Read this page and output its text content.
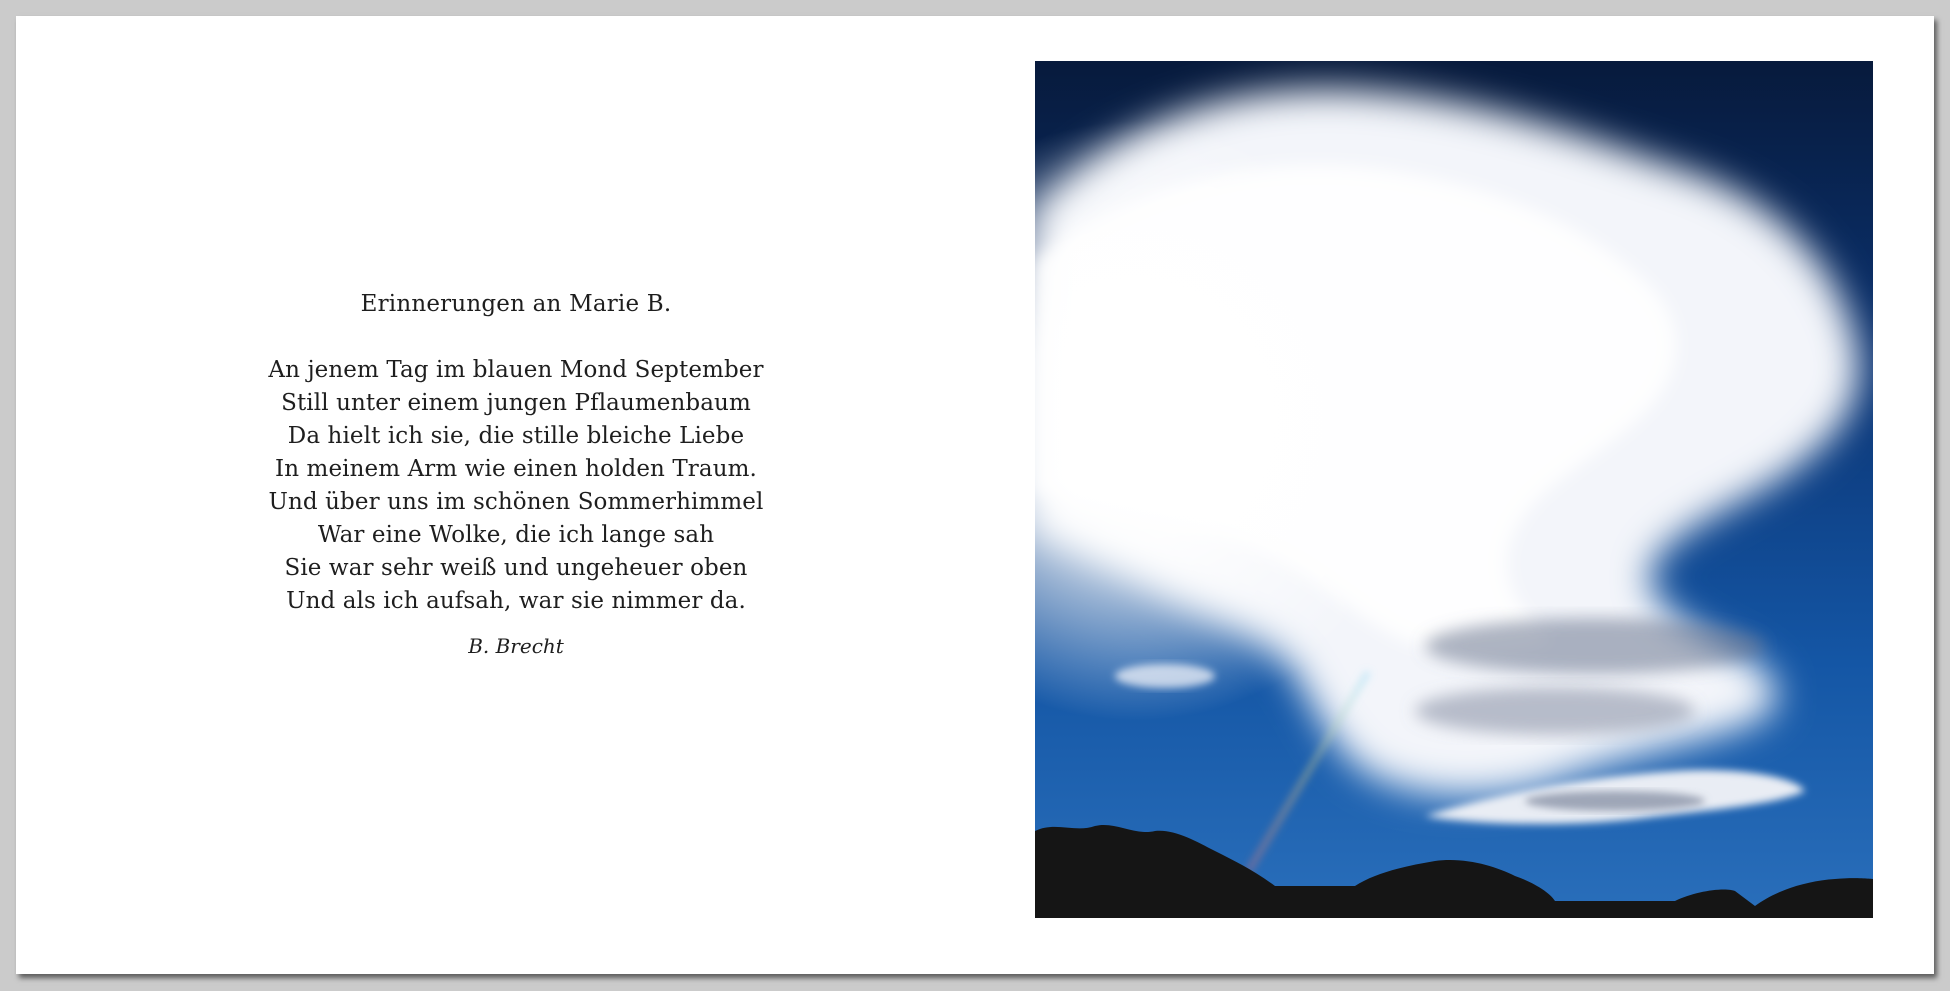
Erinnerungen an Marie B.
An jenem Tag im blauen Mond September
Still unter einem jungen Pflaumenbaum
Da hielt ich sie, die stille bleiche Liebe
In meinem Arm wie einen holden Traum.
Und über uns im schönen Sommerhimmel
War eine Wolke, die ich lange sah
Sie war sehr weiß und ungeheuer oben
Und als ich aufsah, war sie nimmer da.
B. Brecht
